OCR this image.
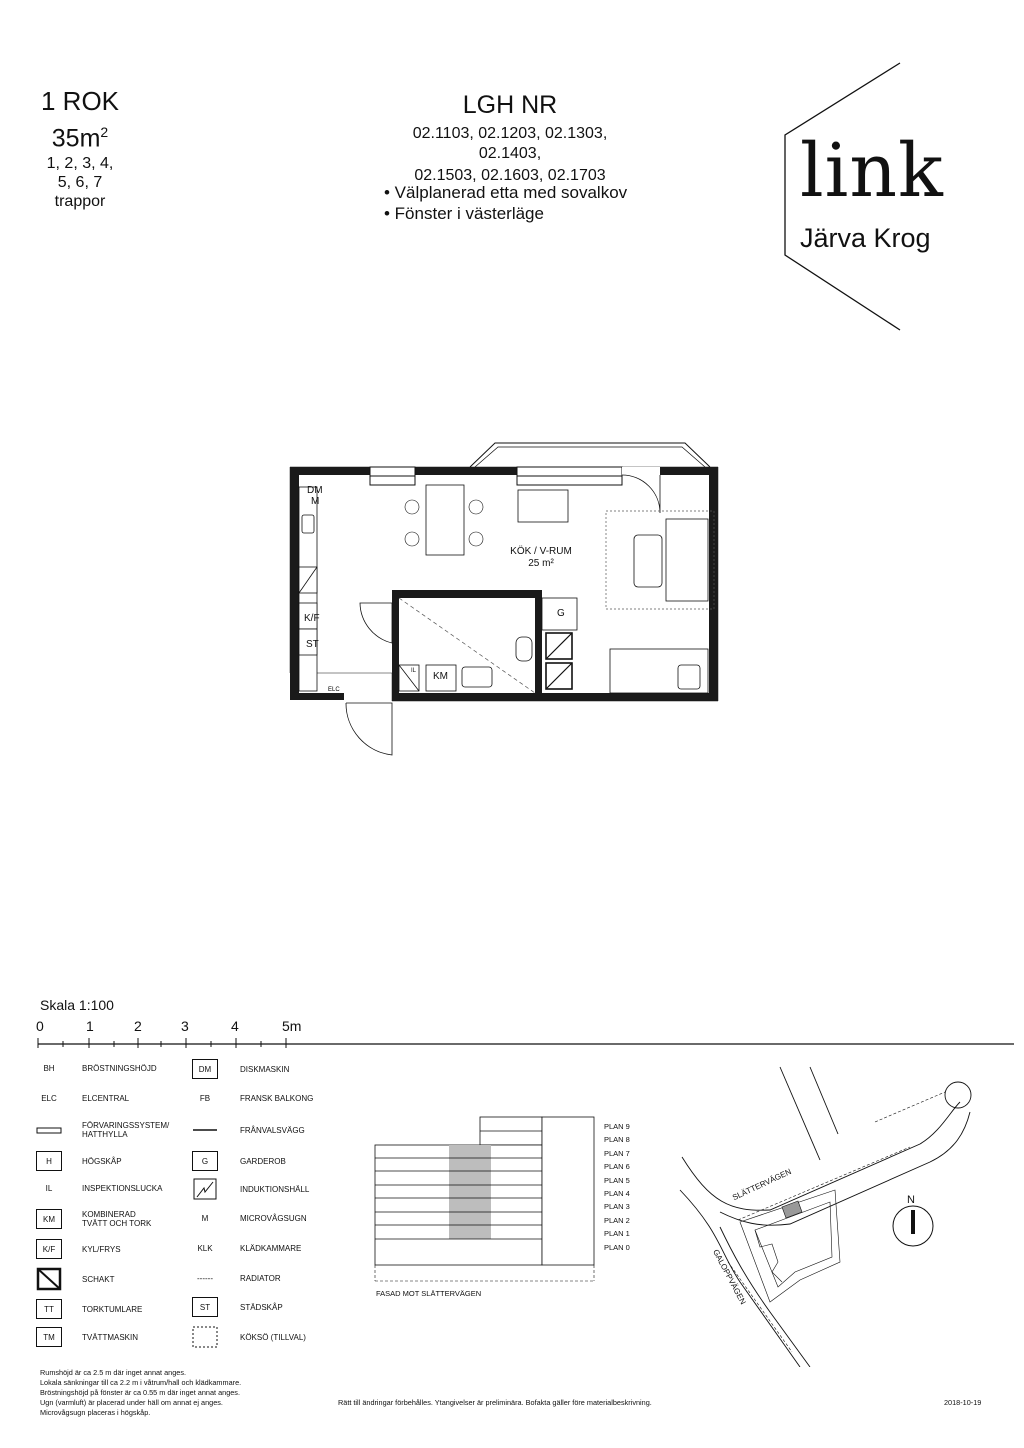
1 ROK
$35m^2$
1, 2, 3, 4,
5, 6, 7
trappor
LGH NR
02.1103, 02.1203, 02.1303, 02.1403,
02.1503, 02.1603, 02.1703
• Välplanerad etta med sovalkov
• Fönster i västerläge	link
Järva Krog
ELC
DM
M
K/F
ST
IL KM
G
KÖK / V-RUM
25 m²
Skala 1:100
0	1	2	3	4	5m
BH	BRÖSTNINGSHÖJD
ELC	ELCENTRAL
FÖRVARINGSSYSTEM/ HATTHYLLA
H	HÖGSKÅP
IL	INSPEKTIONSLUCKA
KM	KOMBINERAD TVÄTT OCH TORK
K/F	KYL/FRYS
SCHAKT
TT	TORKTUMLARE
TM	TVÄTTMASKIN
DM	DISKMASKIN
FB	FRANSK BALKONG
FRÅNVALSVÄGG
G	GARDEROB
INDUKTIONSHÄLL
M	MICROVÅGSUGN
KLK	KLÄDKAMMARE
------	RADIATOR
ST	STÄDSKÅP
KÖKSÖ (TILLVAL)
PLAN 9
PLAN 8
PLAN 7
PLAN 6
PLAN 5
PLAN 4
PLAN 3
PLAN 2
PLAN 1
PLAN 0
FASAD MOT SLÄTTERVÄGEN
SLÄTTERVÄGEN
GALOPPVÄGEN
N
Rumshöjd är ca 2.5 m där inget annat anges.
Lokala sänkningar till ca 2.2 m i våtrum/hall och klädkammare.
Bröstningshöjd på fönster är ca 0.55 m där inget annat anges.
Ugn (varmluft) är placerad under häll om annat ej anges.
Microvågsugn placeras i högskåp.
Rätt till ändringar förbehålles. Ytangivelser är preliminära. Bofakta gäller före materialbeskrivning.	2018-10-19
